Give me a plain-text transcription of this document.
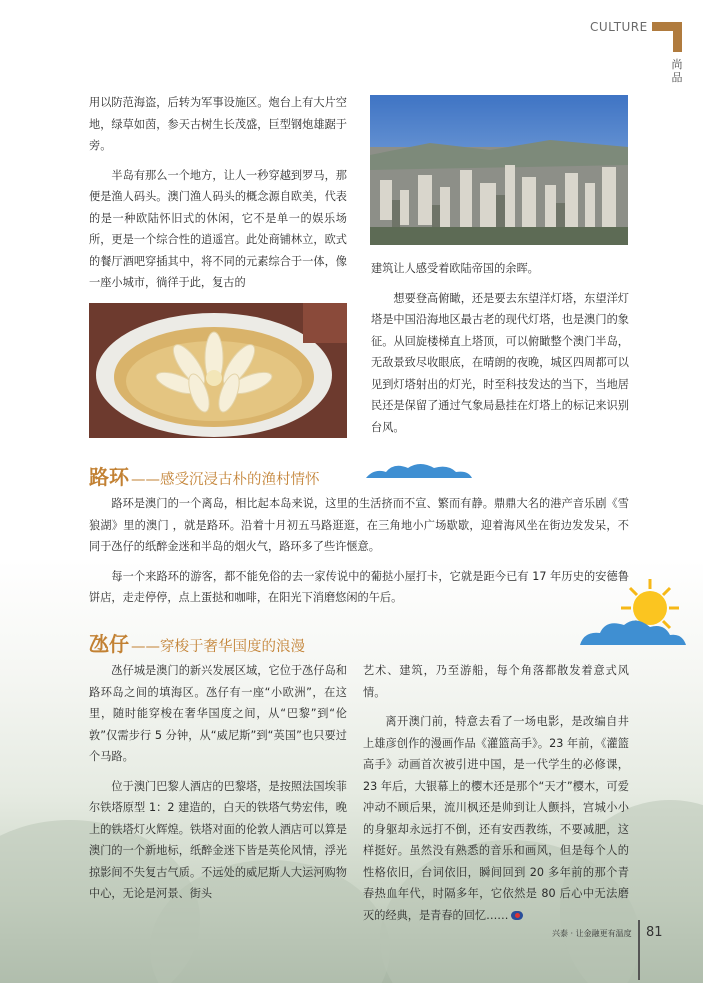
CULTURE
尚品

用以防范海盗，后转为军事设施区。炮台上有大片空地，绿草如茵，参天古树生长茂盛，巨型钢炮雄踞于旁。

半岛有那么一个地方，让人一秒穿越到罗马，那便是渔人码头。澳门渔人码头的概念源自欧美，代表的是一种欧陆怀旧式的休闲，它不是单一的娱乐场所，更是一个综合性的逍遥宫。此处商铺林立，欧式的餐厅酒吧穿插其中，将不同的元素综合于一体，像一座小城市，徜徉于此，复古的

建筑让人感受着欧陆帝国的余晖。

想要登高俯瞰，还是要去东望洋灯塔，东望洋灯塔是中国沿海地区最古老的现代灯塔，也是澳门的象征。从回旋楼梯直上塔顶，可以俯瞰整个澳门半岛，无敌景致尽收眼底，在晴朗的夜晚，城区四周都可以见到灯塔射出的灯光，时至科技发达的当下，当地居民还是保留了通过气象局悬挂在灯塔上的标记来识别台风。

路环 ——感受沉浸古朴的渔村情怀

路环是澳门的一个离岛，相比起本岛来说，这里的生活挤而不宣、繁而有静。鼎鼎大名的港产音乐剧《雪狼湖》里的澳门 ，就是路环。沿着十月初五马路逛逛，在三角地小广场歇歇，迎着海风坐在街边发发呆，不同于氹仔的纸醉金迷和半岛的烟火气，路环多了些许惬意。

每一个来路环的游客，都不能免俗的去一家传说中的葡挞小屋打卡，它就是距今已有 17 年历史的安德鲁饼店，走走停停，点上蛋挞和咖啡，在阳光下消磨悠闲的午后。

氹仔 ——穿梭于奢华国度的浪漫

氹仔城是澳门的新兴发展区域，它位于氹仔岛和路环岛之间的填海区。氹仔有一座“小欧洲”，在这里，随时能穿梭在奢华国度之间，从“巴黎”到“伦敦”仅需步行 5 分钟，从“威尼斯”到“英国”也只要过个马路。

位于澳门巴黎人酒店的巴黎塔，是按照法国埃菲尔铁塔原型 1：2 建造的，白天的铁塔气势宏伟，晚上的铁塔灯火辉煌。铁塔对面的伦敦人酒店可以算是澳门的一个新地标，纸醉金迷下皆是英伦风情，浮光掠影间不失复古气质。不远处的威尼斯人大运河购物中心，无论是河景、街头

艺术、建筑，乃至游船，每个角落都散发着意式风情。

离开澳门前，特意去看了一场电影，是改编自井上雄彦创作的漫画作品《灌篮高手》。23 年前，《灌篮高手》动画首次被引进中国，是一代学生的必修课，23 年后，大银幕上的樱木还是那个“天才”樱木，可爱冲动不顾后果，流川枫还是帅到让人颤抖，宫城小小的身躯却永远打不倒，还有安西教练，不要减肥，这样挺好。虽然没有熟悉的音乐和画风，但是每个人的性格依旧，台词依旧，瞬间回到 20 多年前的那个青春热血年代，时隔多年，它依然是 80 后心中无法磨灭的经典，是青春的回忆……

兴泰 · 让金融更有温度 81
